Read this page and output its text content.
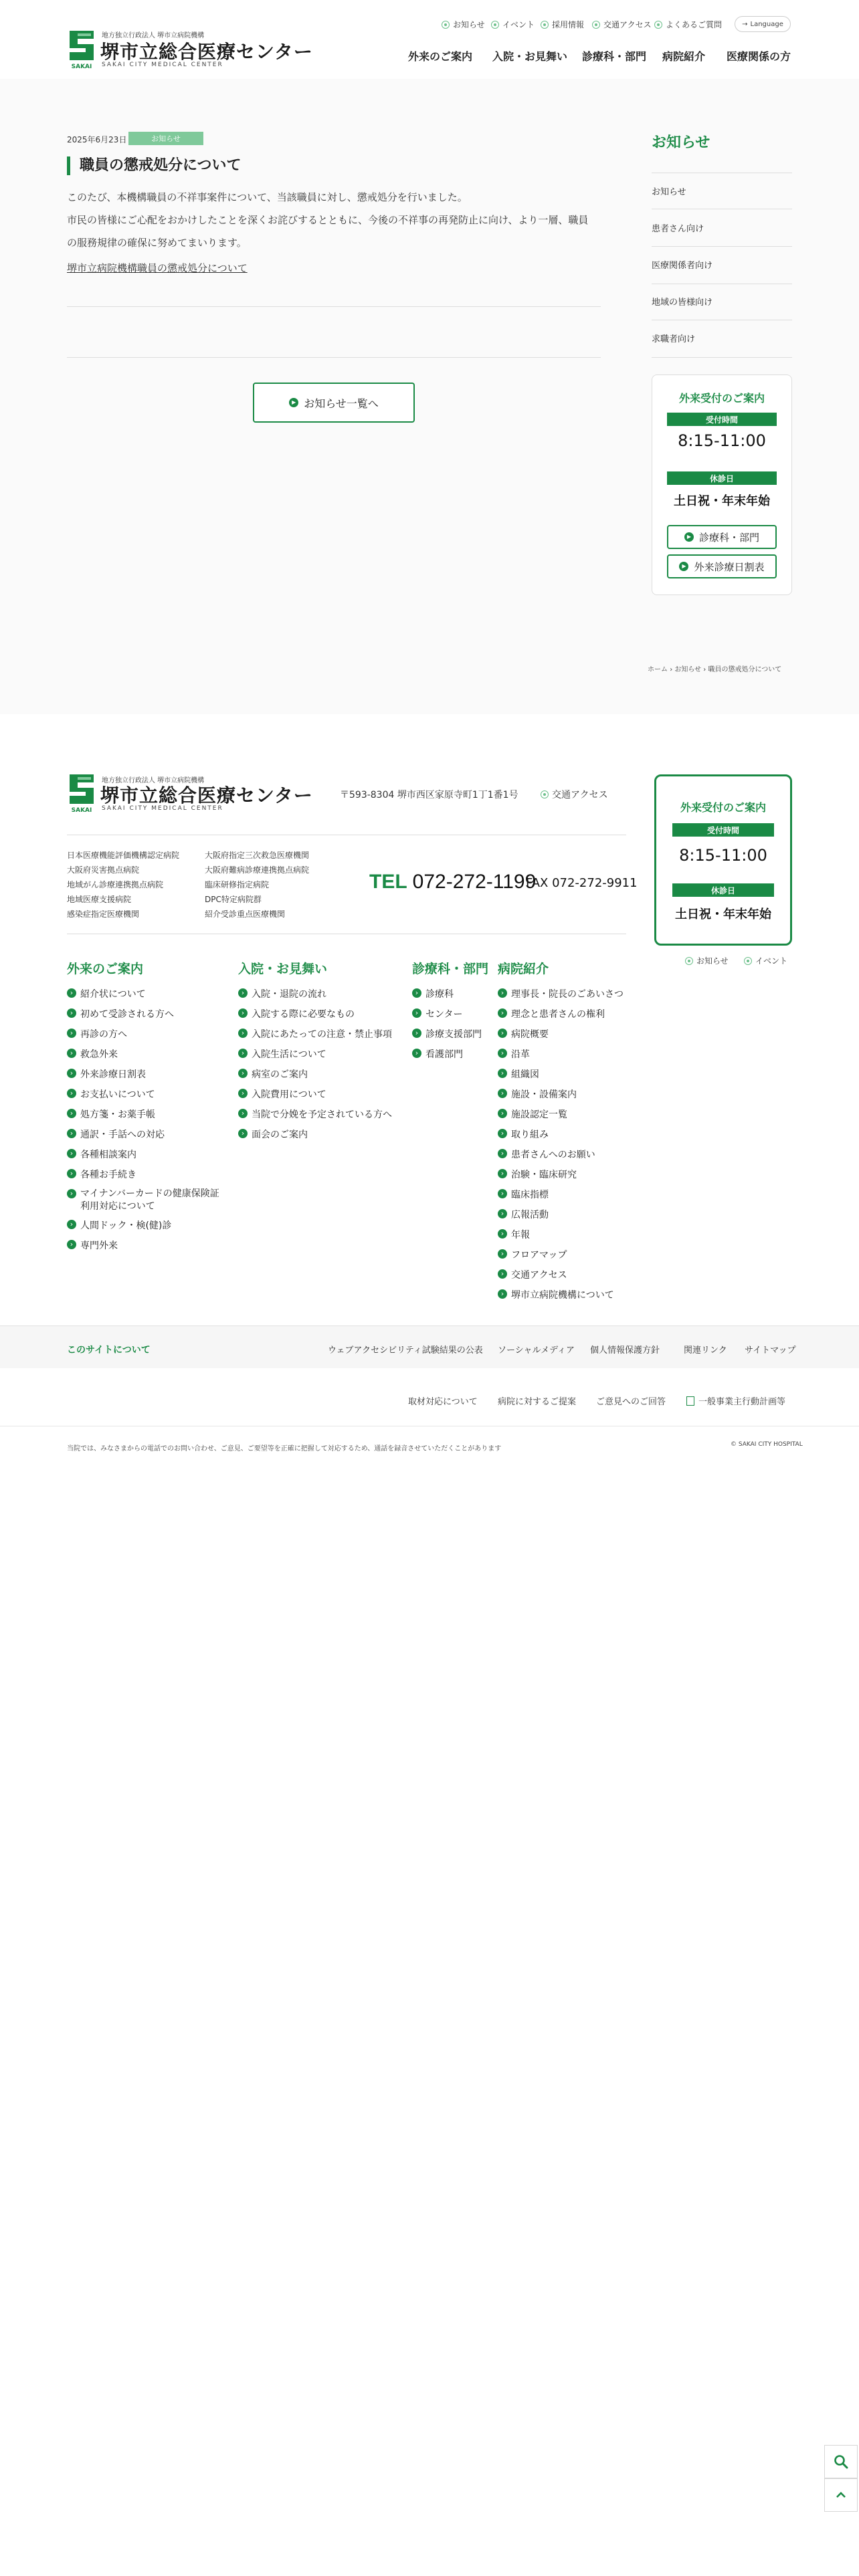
SAKAI
地方独立行政法人 堺市立病院機構
堺市立総合医療センター
SAKAI CITY MEDICAL CENTER
お知らせ イベント 採用情報 交通アクセス よくあるご質問	→ Language
外来のご案内 入院・お見舞い 診療科・部門 病院紹介 医療関係の方
2025年6月23日	お知らせ
職員の懲戒処分について

このたび、本機構職員の不祥事案件について、当該職員に対し、懲戒処分を行いました。

市民の皆様にご心配をおかけしたことを深くお詫びするとともに、今後の不祥事の再発防止に向け、より一層、職員

の服務規律の確保に努めてまいります。

堺市立病院機構職員の懲戒処分について
▶ お知らせ一覧へ
お知らせ
お知らせ
患者さん向け
医療関係者向け
地域の皆様向け
求職者向け
外来受付のご案内
受付時間
8:15-11:00
休診日
土日祝・年末年始
▶ 診療科・部門
▶ 外来診療日割表
ホーム › お知らせ › 職員の懲戒処分について
SAKAI
地方独立行政法人 堺市立病院機構
堺市立総合医療センター
SAKAI CITY MEDICAL CENTER
〒593-8304 堺市西区家原寺町1丁1番1号	交通アクセス
日本医療機能評価機構認定病院
大阪府災害拠点病院
地域がん診療連携拠点病院
地域医療支援病院
感染症指定医療機関
大阪府指定三次救急医療機関
大阪府難病診療連携拠点病院
臨床研修指定病院
DPC特定病院群
紹介受診重点医療機関
TEL 072-272-1199
FAX 072-272-9911
外来受付のご案内
受付時間
8:15-11:00
休診日
土日祝・年末年始
お知らせ	イベント
外来のご案内
› 紹介状について
› 初めて受診される方へ
› 再診の方へ
› 救急外来
› 外来診療日割表
› お支払いについて
› 処方箋・お薬手帳
› 通訳・手話への対応
› 各種相談案内
› 各種お手続き
› マイナンバーカードの健康保険証利用対応について
› 人間ドック・検(健)診
› 専門外来
入院・お見舞い
› 入院・退院の流れ
› 入院する際に必要なもの
› 入院にあたっての注意・禁止事項
› 入院生活について
› 病室のご案内
› 入院費用について
› 当院で分娩を予定されている方へ
› 面会のご案内
診療科・部門
› 診療科
› センター
› 診療支援部門
› 看護部門
病院紹介
› 理事長・院長のごあいさつ
› 理念と患者さんの権利
› 病院概要
› 沿革
› 組織図
› 施設・設備案内
› 施設認定一覧
› 取り組み
› 患者さんへのお願い
› 治験・臨床研究
› 臨床指標
› 広報活動
› 年報
› フロアマップ
› 交通アクセス
› 堺市立病院機構について
このサイトについて	ウェブアクセシビリティ試験結果の公表 ソーシャルメディア 個人情報保護方針	関連リンク サイトマップ
取材対応について 病院に対するご提案 ご意見へのご回答	一般事業主行動計画等
当院では、みなさまからの電話でのお問い合わせ、ご意見、ご要望等を正確に把握して対応するため、通話を録音させていただくことがあります
© SAKAI CITY HOSPITAL
